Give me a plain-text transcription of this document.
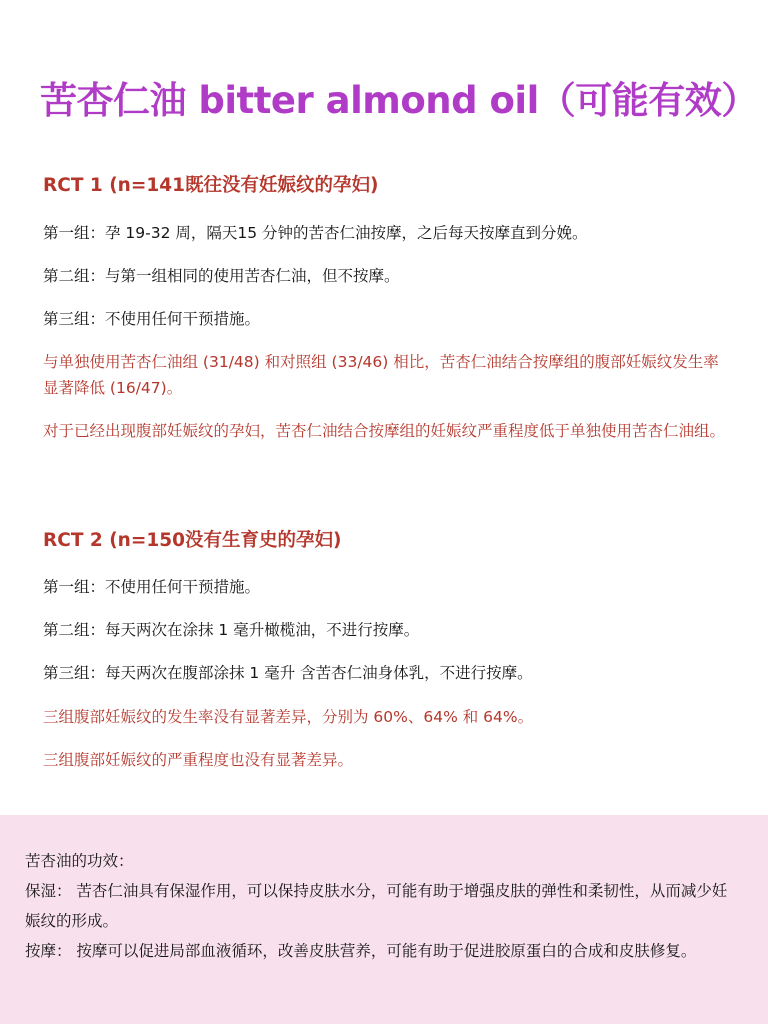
苦杏仁油 bitter almond oil（可能有效）
RCT 1 (n=141既往没有妊娠纹的孕妇)
第一组：孕 19-32 周，隔天15 分钟的苦杏仁油按摩，之后每天按摩直到分娩。
第二组：与第一组相同的使用苦杏仁油，但不按摩。
第三组：不使用任何干预措施。
与单独使用苦杏仁油组 (31/48) 和对照组 (33/46) 相比，苦杏仁油结合按摩组的腹部妊娠纹发生率显著降低 (16/47)。
对于已经出现腹部妊娠纹的孕妇，苦杏仁油结合按摩组的妊娠纹严重程度低于单独使用苦杏仁油组。
RCT 2 (n=150没有生育史的孕妇)
第一组：不使用任何干预措施。
第二组：每天两次在涂抹 1 毫升橄榄油，不进行按摩。
第三组：每天两次在腹部涂抹 1 毫升 含苦杏仁油身体乳，不进行按摩。
三组腹部妊娠纹的发生率没有显著差异，分别为 60%、64% 和 64%。
三组腹部妊娠纹的严重程度也没有显著差异。
苦杏油的功效：
保湿： 苦杏仁油具有保湿作用，可以保持皮肤水分，可能有助于增强皮肤的弹性和柔韧性，从而减少妊娠纹的形成。
按摩： 按摩可以促进局部血液循环，改善皮肤营养，可能有助于促进胶原蛋白的合成和皮肤修复。
